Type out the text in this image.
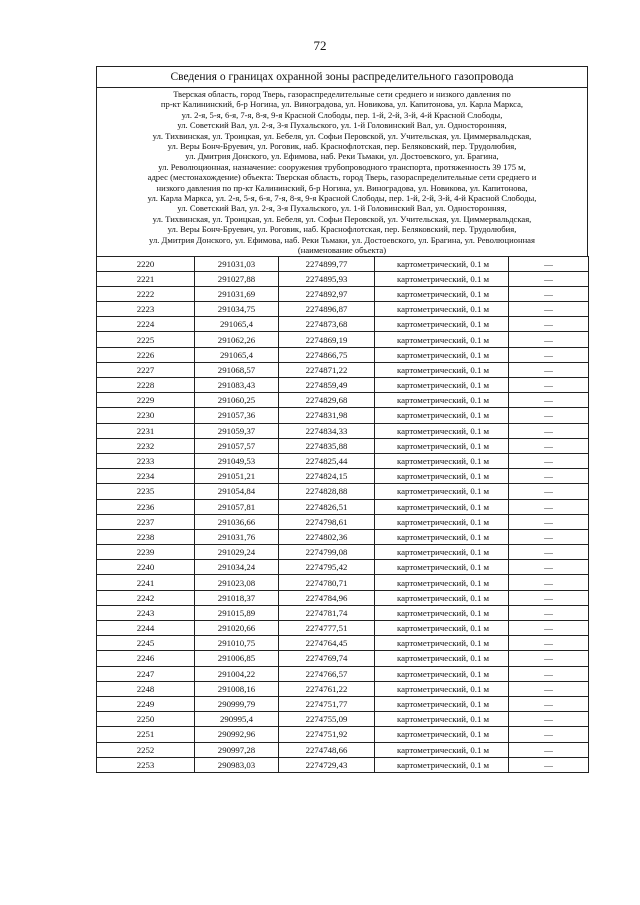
72
Сведения о границах охранной зоны распределительного газопровода
Тверская область, город Тверь, газораспределительные сети среднего и низкого давления по
пр-кт Калининский, б-р Ногина, ул. Виноградова, ул. Новикова, ул. Капитонова, ул. Карла Маркса,
ул. 2-я, 5-я, 6-я, 7-я, 8-я, 9-я Красной Слободы, пер. 1-й, 2-й, 3-й, 4-й Красной Слободы,
ул. Советский Вал, ул. 2-я, 3-я Пухальского, ул. 1-й Головинский Вал, ул. Односторонняя,
ул. Тихвинская, ул. Троицкая, ул. Бебеля, ул. Софьи Перовской, ул. Учительская, ул. Циммервальдская,
ул. Веры Бонч-Бруевич, ул. Роговик, наб. Краснофлотская, пер. Беляковский, пер. Трудолюбия,
ул. Дмитрия Донского, ул. Ефимова, наб. Реки Тьмаки, ул. Достоевского, ул. Брагина,
ул. Революционная, назначение: сооружения трубопроводного транспорта, протяженность 39 175 м,
адрес (местонахождение) объекта: Тверская область, город Тверь, газораспределительные сети среднего и
низкого давления по пр-кт Калининский, б-р Ногина, ул. Виноградова, ул. Новикова, ул. Капитонова,
ул. Карла Маркса, ул. 2-я, 5-я, 6-я, 7-я, 8-я, 9-я Красной Слободы, пер. 1-й, 2-й, 3-й, 4-й Красной Слободы,
ул. Советский Вал, ул. 2-я, 3-я Пухальского, ул. 1-й Головинский Вал, ул. Односторонняя,
ул. Тихвинская, ул. Троицкая, ул. Бебеля, ул. Софьи Перовской, ул. Учительская, ул. Циммервальдская,
ул. Веры Бонч-Бруевич, ул. Роговик, наб. Краснофлотская, пер. Беляковский, пер. Трудолюбия,
ул. Дмитрия Донского, ул. Ефимова, наб. Реки Тьмаки, ул. Достоевского, ул. Брагина, ул. Революционная
(наименование объекта)
2220	291031,03	2274899,77	картометрический, 0.1 м	—
2221	291027,88	2274895,93	картометрический, 0.1 м	—
2222	291031,69	2274892,97	картометрический, 0.1 м	—
2223	291034,75	2274896,87	картометрический, 0.1 м	—
2224	291065,4	2274873,68	картометрический, 0.1 м	—
2225	291062,26	2274869,19	картометрический, 0.1 м	—
2226	291065,4	2274866,75	картометрический, 0.1 м	—
2227	291068,57	2274871,22	картометрический, 0.1 м	—
2228	291083,43	2274859,49	картометрический, 0.1 м	—
2229	291060,25	2274829,68	картометрический, 0.1 м	—
2230	291057,36	2274831,98	картометрический, 0.1 м	—
2231	291059,37	2274834,33	картометрический, 0.1 м	—
2232	291057,57	2274835,88	картометрический, 0.1 м	—
2233	291049,53	2274825,44	картометрический, 0.1 м	—
2234	291051,21	2274824,15	картометрический, 0.1 м	—
2235	291054,84	2274828,88	картометрический, 0.1 м	—
2236	291057,81	2274826,51	картометрический, 0.1 м	—
2237	291036,66	2274798,61	картометрический, 0.1 м	—
2238	291031,76	2274802,36	картометрический, 0.1 м	—
2239	291029,24	2274799,08	картометрический, 0.1 м	—
2240	291034,24	2274795,42	картометрический, 0.1 м	—
2241	291023,08	2274780,71	картометрический, 0.1 м	—
2242	291018,37	2274784,96	картометрический, 0.1 м	—
2243	291015,89	2274781,74	картометрический, 0.1 м	—
2244	291020,66	2274777,51	картометрический, 0.1 м	—
2245	291010,75	2274764,45	картометрический, 0.1 м	—
2246	291006,85	2274769,74	картометрический, 0.1 м	—
2247	291004,22	2274766,57	картометрический, 0.1 м	—
2248	291008,16	2274761,22	картометрический, 0.1 м	—
2249	290999,79	2274751,77	картометрический, 0.1 м	—
2250	290995,4	2274755,09	картометрический, 0.1 м	—
2251	290992,96	2274751,92	картометрический, 0.1 м	—
2252	290997,28	2274748,66	картометрический, 0.1 м	—
2253	290983,03	2274729,43	картометрический, 0.1 м	—
